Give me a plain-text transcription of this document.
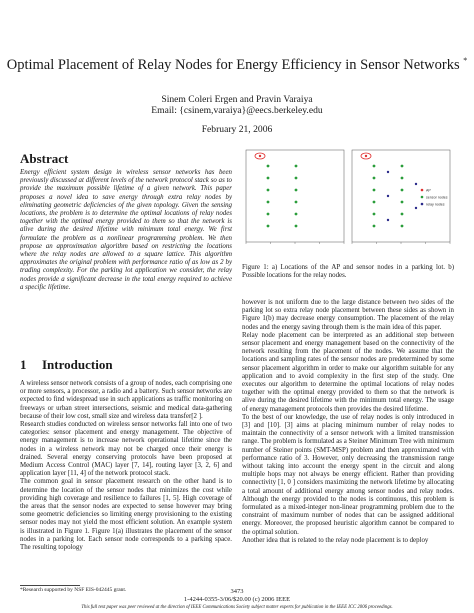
Optimal Placement of Relay Nodes for Energy Efficiency in Sensor Networks *
Sinem Coleri Ergen and Pravin Varaiya
Email: {csinem,varaiya}@eecs.berkeley.edu
February 21, 2006
Abstract
Energy efficient system design in wireless sensor networks has been previously discussed at different levels of the network protocol stack so as to provide the maximum possible lifetime of a given network. This paper proposes a novel idea to save energy through extra relay nodes by eliminating geometric deficiencies of the given topology. Given the sensing locations, the problem is to determine the optimal locations of relay nodes together with the optimal energy provided to them so that the network is alive during the desired lifetime with minimum total energy. We first formulate the problem as a nonlinear programming problem. We then propose an approximation algorithm based on restricting the locations where the relay nodes are allowed to a square lattice. This algorithm approximates the original problem with performance ratio of as low as 2 by trading complexity. For the parking lot application we consider, the relay nodes provide a significant decrease in the total energy required to achieve a specific lifetime.
1 Introduction

A wireless sensor network consists of a group of nodes, each comprising one or more sensors, a processor, a radio and a battery. Such sensor networks are expected to find widespread use in such applications as traffic monitoring on freeways or urban street intersections, seismic and medical data-gathering because of their low cost, small size and wireless data transfer[2 ].

Research studies conducted on wireless sensor networks fall into one of two categories: sensor placement and energy management. The objective of energy management is to increase network operational lifetime since the nodes in a wireless network may not be charged once their energy is drained. Several energy conserving protocols have been proposed at Medium Access Control (MAC) layer [7, 14], routing layer [3, 2, 6] and application layer [11, 4] of the network protocol stack.

The common goal in sensor placement research on the other hand is to determine the location of the sensor nodes that minimizes the cost while providing high coverage and resilience to failures [1, 5]. High coverage of the areas that the sensor nodes are expected to sense however may bring some geometric deficiencies so limiting energy provisioning to the existing sensor nodes may not yield the most efficient solution. An example system is illustrated in Figure 1. Figure 1(a) illustrates the placement of the sensor nodes in a parking lot. Each sensor node corresponds to a parking space. The resulting topology

*Research supported by NSF EIS-042445 grant.
AP
sensor nodes
relay nodes
Figure 1: a) Locations of the AP and sensor nodes in a parking lot. b) Possible locations for the relay nodes.

however is not uniform due to the large distance between two sides of the parking lot so extra relay node placement between these sides as shown in Figure 1(b) may decrease energy consumption. The placement of the relay nodes and the energy saving through them is the main idea of this paper.

Relay node placement can be interpreted as an additional step between sensor placement and energy management based on the connectivity of the network resulting from the placement of the nodes. We assume that the locations and sampling rates of the sensor nodes are predetermined by some sensor placement algorithm in order to make our algorithm suitable for any application and to avoid complexity in the first step of the study. One executes our algorithm to determine the optimal locations of relay nodes together with the optimal energy provided to them so that the network is alive during the desired lifetime with the minimum total energy. The usage of energy management protocols then provides the desired lifetime.

To the best of our knowledge, the use of relay nodes is only introduced in [3] and [10]. [3] aims at placing minimum number of relay nodes to maintain the connectivity of a sensor network with a limited transmission range. The problem is formulated as a Steiner Minimum Tree with minimum number of Steiner points (SMT-MSP) problem and then approximated with performance ratio of 3. However, only decreasing the transmission range without taking into account the energy spent in the circuit and along multiple hops may not always be energy efficient. Rather than providing connectivity [1, 0 ] considers maximizing the network lifetime by allocating a total amount of additional energy among sensor nodes and relay nodes. Although the energy provided to the nodes is continuous, this problem is formulated as a mixed-integer non-linear programming problem due to the constraint of maximum number of nodes that can be assigned additional energy. Moreover, the proposed heuristic algorithm cannot be compared to the optimal solution.

Another idea that is related to the relay node placement is to deploy

3473
1-4244-0355-3/06/$20.00 (c) 2006 IEEE
This full text paper was peer reviewed at the direction of IEEE Communications Society subject matter experts for publication in the IEEE ICC 2006 proceedings.
